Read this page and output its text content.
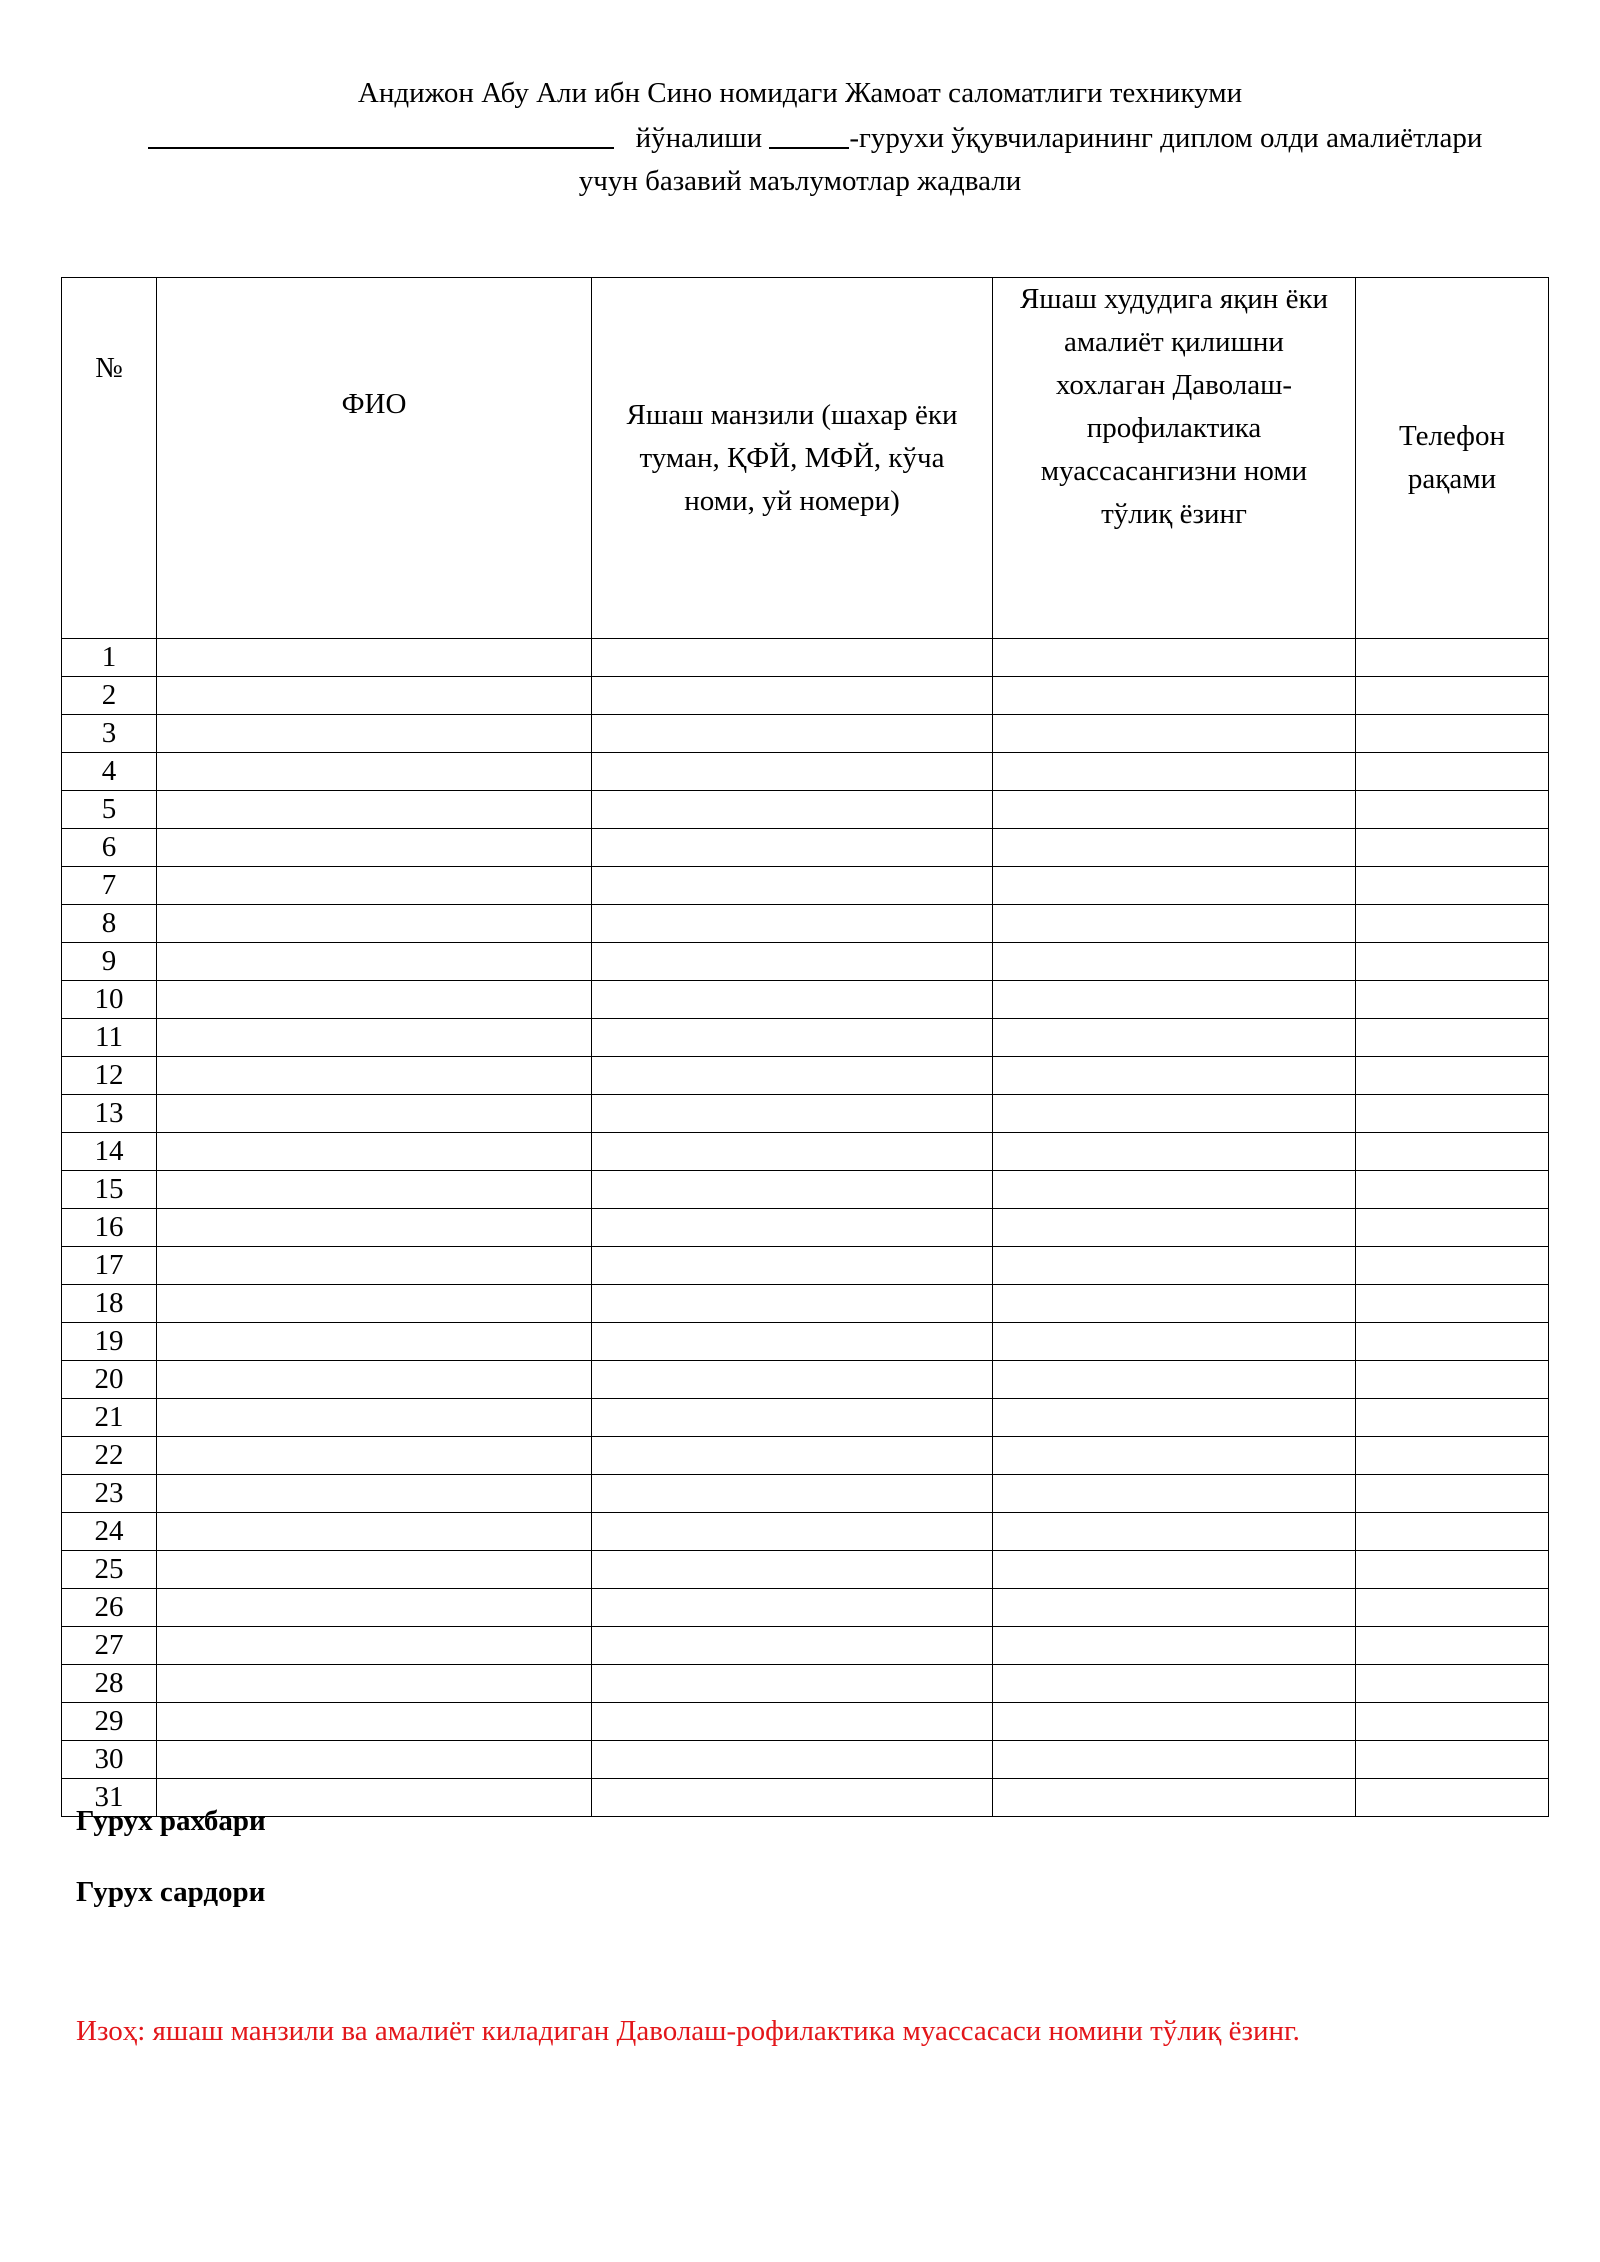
Андижон Абу Али ибн Сино номидаги Жамоат саломатлиги техникуми
йўналиши	-гурухи ўқувчиларининг диплом олди амалиётлари
учун базавий маълумотлар жадвали
№	ФИО	Яшаш манзили (шахар ёки туман, ҚФЙ, МФЙ, кўча номи, уй номери)	Яшаш худудига яқин ёки амалиёт қилишни хохлаган Даволаш-профилактика муассасангизни номи тўлиқ ёзинг	Телефон рақами

1				
2				
3				
4				
5				
6				
7				
8				
9				
10				
11				
12				
13				
14				
15				
16				
17				
18				
19				
20				
21				
22				
23				
24				
25				
26				
27				
28				
29				
30				
31				
Гурух рахбари
Гурух сардори
Изоҳ: яшаш манзили ва амалиёт киладиган Даволаш-рофилактика муассасаси номини тўлиқ ёзинг.
